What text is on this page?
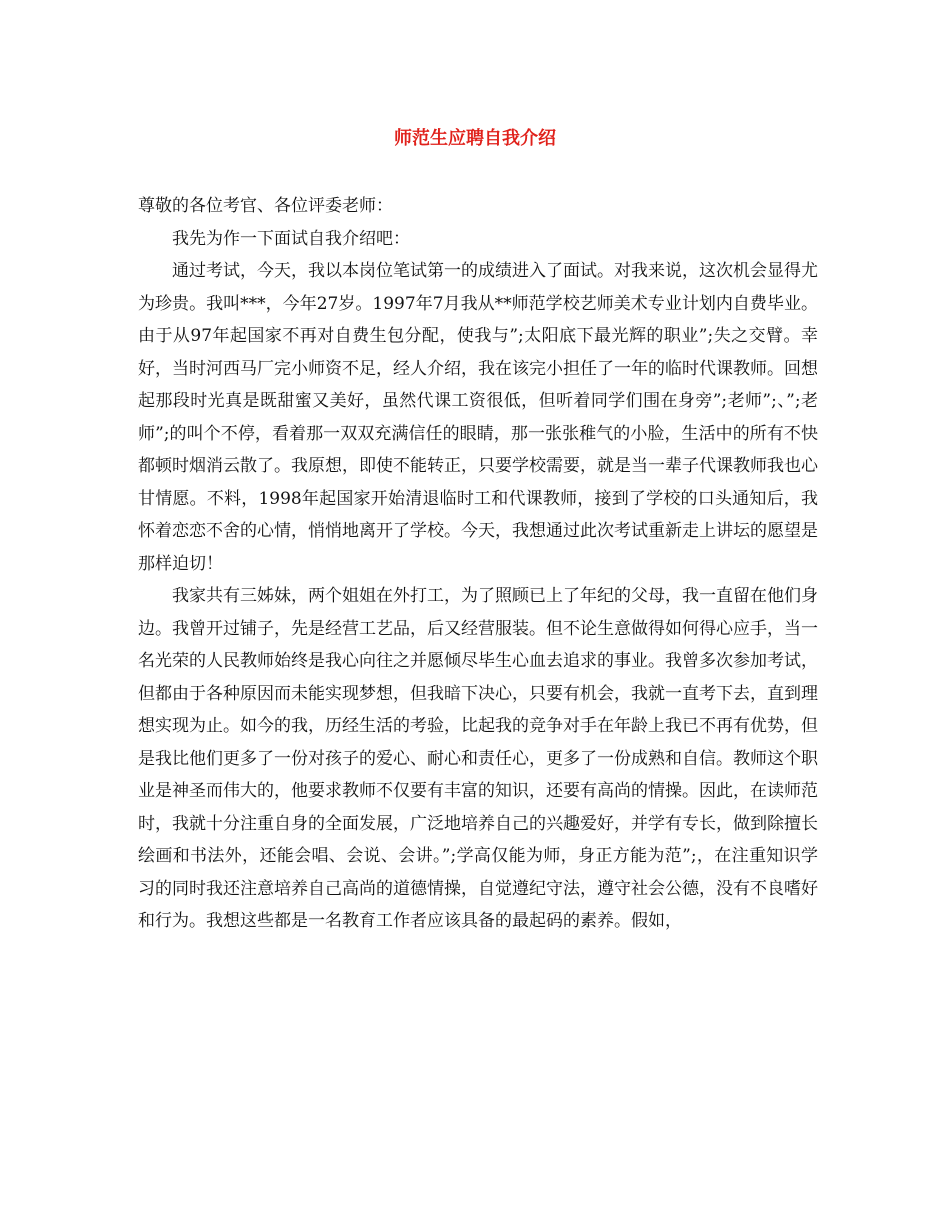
师范生应聘自我介绍

尊敬的各位考官、各位评委老师：

我先为作一下面试自我介绍吧：

通过考试，今天，我以本岗位笔试第一的成绩进入了面试。对我来说，这次机会显得尤为珍贵。我叫***，今年27岁。1997年7月我从**师范学校艺师美术专业计划内自费毕业。由于从97年起国家不再对自费生包分配，使我与”;太阳底下最光辉的职业”;失之交臂。幸好，当时河西马厂完小师资不足，经人介绍，我在该完小担任了一年的临时代课教师。回想起那段时光真是既甜蜜又美好，虽然代课工资很低，但听着同学们围在身旁”;老师”;、”;老师”;的叫个不停，看着那一双双充满信任的眼睛，那一张张稚气的小脸，生活中的所有不快都顿时烟消云散了。我原想，即使不能转正，只要学校需要，就是当一辈子代课教师我也心甘情愿。不料，1998年起国家开始清退临时工和代课教师，接到了学校的口头通知后，我怀着恋恋不舍的心情，悄悄地离开了学校。今天，我想通过此次考试重新走上讲坛的愿望是那样迫切！

我家共有三姊妹，两个姐姐在外打工，为了照顾已上了年纪的父母，我一直留在他们身边。我曾开过铺子，先是经营工艺品，后又经营服装。但不论生意做得如何得心应手，当一名光荣的人民教师始终是我心向往之并愿倾尽毕生心血去追求的事业。我曾多次参加考试，但都由于各种原因而未能实现梦想，但我暗下决心，只要有机会，我就一直考下去，直到理想实现为止。如今的我，历经生活的考验，比起我的竞争对手在年龄上我已不再有优势，但是我比他们更多了一份对孩子的爱心、耐心和责任心，更多了一份成熟和自信。教师这个职业是神圣而伟大的，他要求教师不仅要有丰富的知识，还要有高尚的情操。因此，在读师范时，我就十分注重自身的全面发展，广泛地培养自己的兴趣爱好，并学有专长，做到除擅长绘画和书法外，还能会唱、会说、会讲。”;学高仅能为师，身正方能为范”;，在注重知识学习的同时我还注意培养自己高尚的道德情操，自觉遵纪守法，遵守社会公德，没有不良嗜好和行为。我想这些都是一名教育工作者应该具备的最起码的素养。假如，
